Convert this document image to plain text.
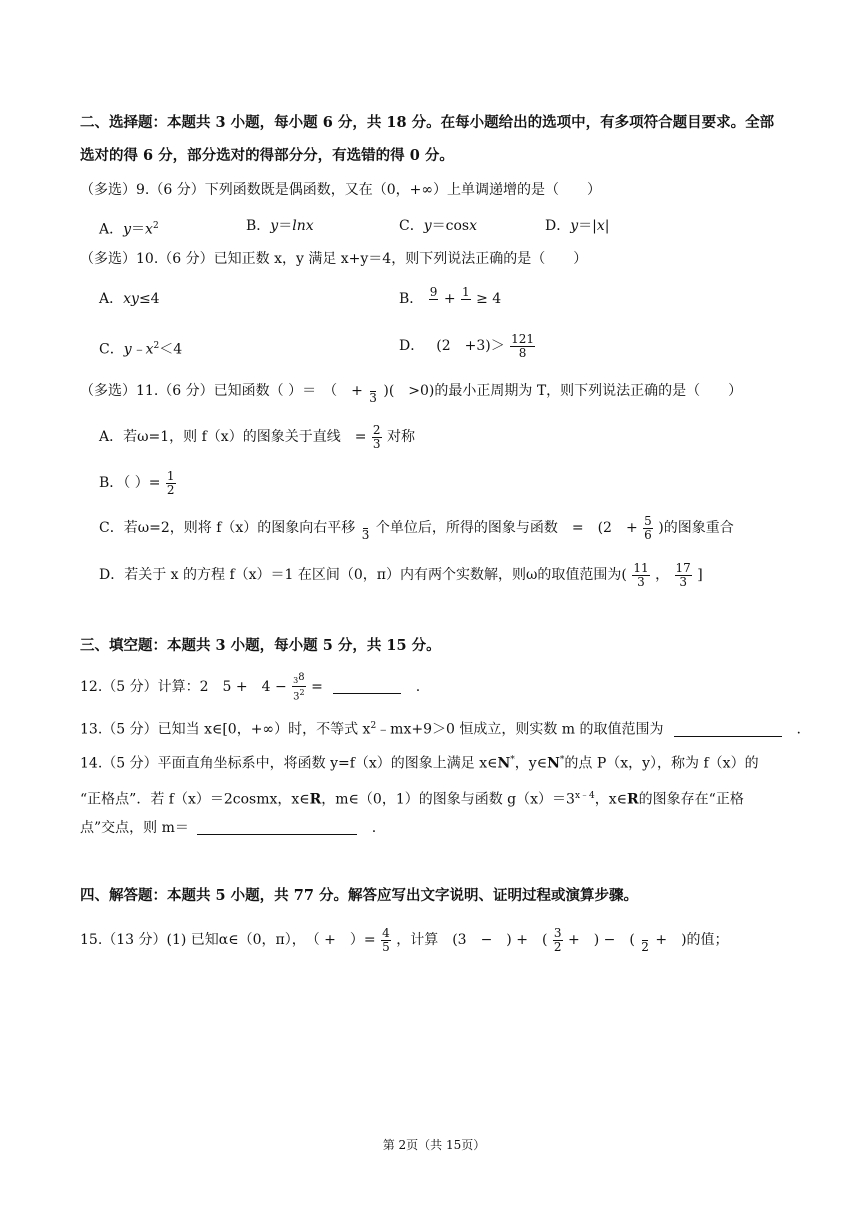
二、选择题：本题共 3 小题，每小题 6 分，共 18 分。在每小题给出的选项中，有多项符合题目要求。全部
选对的得 6 分，部分选对的得部分分，有选错的得 0 分。
（多选）9.（6 分）下列函数既是偶函数，又在（0，+∞）上单调递增的是（　　）
A．$y=x^2$	B．y＝lnx	C．y＝cosx	D．y＝|x|
（多选）10.（6 分）已知正数 x，y 满足 x+y＝4，则下列说法正确的是（　　）
A．xy≤4	B． 9
+ 1
≥ 4
C．$y﹣x^2<4$	D． (2　$+3)> \frac{121}{8}$
（多选）11.（6 分）已知函数（ ）＝　（　+
3 )(　>0)的最小正周期为 T，则下列说法正确的是（　　）
A．若ω=1，则 f（x）的图象关于直线　= $\frac{2}{3}$ 对称
B．（ ）= $\frac{1}{2}$
C．若ω=2，则将 f（x）的图象向右平移
3 个单位后，所得的图象与函数　=　(2　+ $\frac{5}{6}$ )的图象重合
D．若关于 x 的方程 f（x）＝1 在区间（0，π）内有两个实数解，则ω的取值范围为( $\frac{11}{3}$ ， $\frac{17}{3}$ ]
三、填空题：本题共 3 小题，每小题 5 分，共 15 分。
12.（5 分）计算：2　5 +　$4 - \frac{_38}{3^2}$ =	.
13.（5 分）已知当 x∈[0，+∞）时，不等式 $x^2﹣mx+9>0$ 恒成立，则实数 m 的取值范围为	.
14.（5 分）平面直角坐标系中，将函数 y=f（x）的图象上满足 x∈N*，y∈N*的点 P（x，y），称为 f（x）的
“正格点”．若 f（x）＝2cosmx，x∈R，m∈（0，1）的图象与函数 $g(x)=3^{x﹣4}$，x∈R的图象存在“正格
点”交点，则 m＝	.
四、解答题：本题共 5 小题，共 77 分。解答应写出文字说明、证明过程或演算步骤。
15.（13 分）(1) 已知α∈（0，π），　（ +　）= $\frac{4}{5}$ ，计算　(3　−　) +　( $\frac{3}{2}$ +　) −　(
2 +　)的值；
第 2页（共 15页）
